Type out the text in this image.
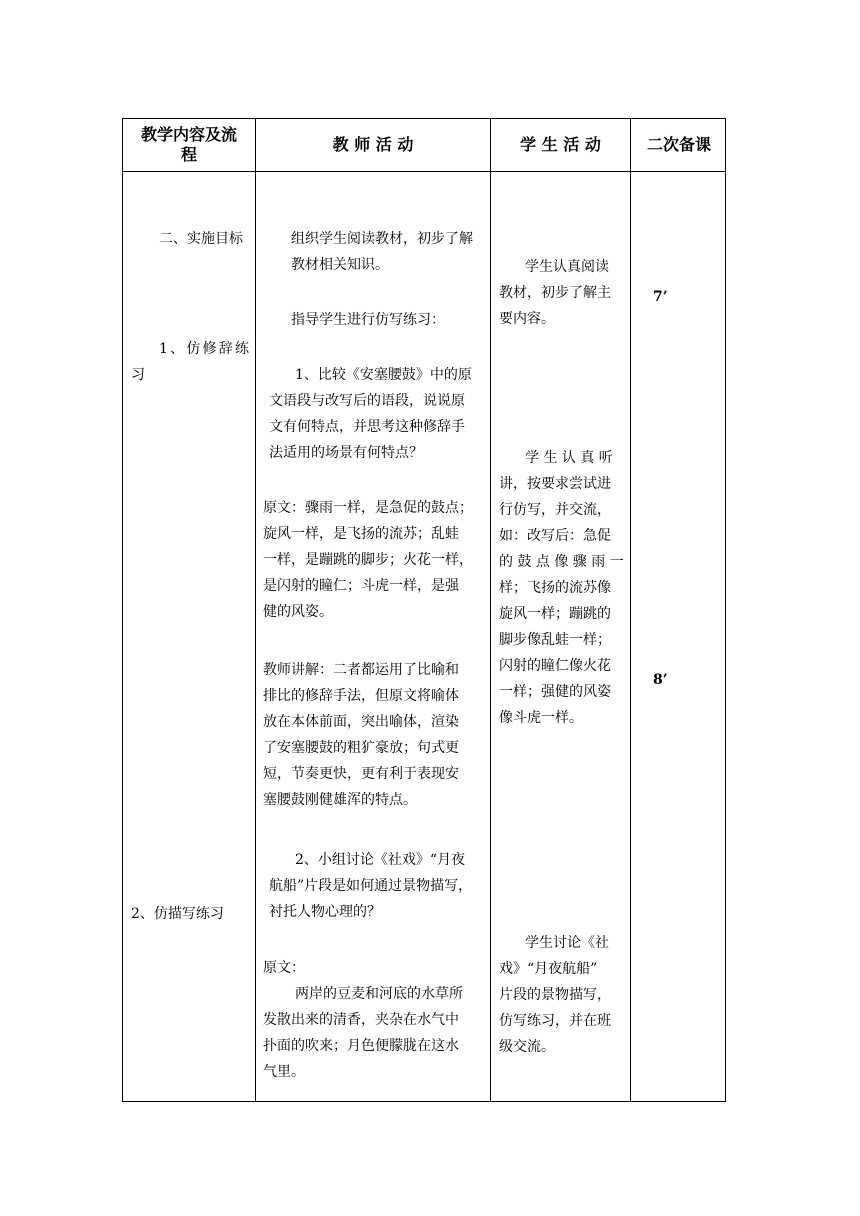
教学内容及流
程
教 师 活 动	学 生 活 动	二次备课
二、实施目标
1 、 仿 修 辞 练
习
2、仿描写练习
组织学生阅读教材，初步了解
教材相关知识。
指导学生进行仿写练习：
1、比较《安塞腰鼓》中的原
文语段与改写后的语段，说说原
文有何特点，并思考这种修辞手
法适用的场景有何特点？
原文：骤雨一样，是急促的鼓点；
旋风一样，是飞扬的流苏；乱蛙
一样，是蹦跳的脚步；火花一样，
是闪射的瞳仁；斗虎一样，是强
健的风姿。
教师讲解：二者都运用了比喻和
排比的修辞手法，但原文将喻体
放在本体前面，突出喻体，渲染
了安塞腰鼓的粗犷豪放；句式更
短，节奏更快，更有利于表现安
塞腰鼓刚健雄浑的特点。
2、小组讨论《社戏》“月夜
航船”片段是如何通过景物描写，
衬托人物心理的？
原文：
两岸的豆麦和河底的水草所
发散出来的清香，夹杂在水气中
扑面的吹来；月色便朦胧在这水
气里。
学生认真阅读
教材，初步了解主
要内容。
学 生 认 真 听
讲，按要求尝试进
行仿写，并交流，
如：改写后：急促
的 鼓 点 像 骤 雨 一
样；飞扬的流苏像
旋风一样；蹦跳的
脚步像乱蛙一样；
闪射的瞳仁像火花
一样；强健的风姿
像斗虎一样。
学生讨论《社
戏》“月夜航船”
片段的景物描写，
仿写练习，并在班
级交流。
7’
8’
